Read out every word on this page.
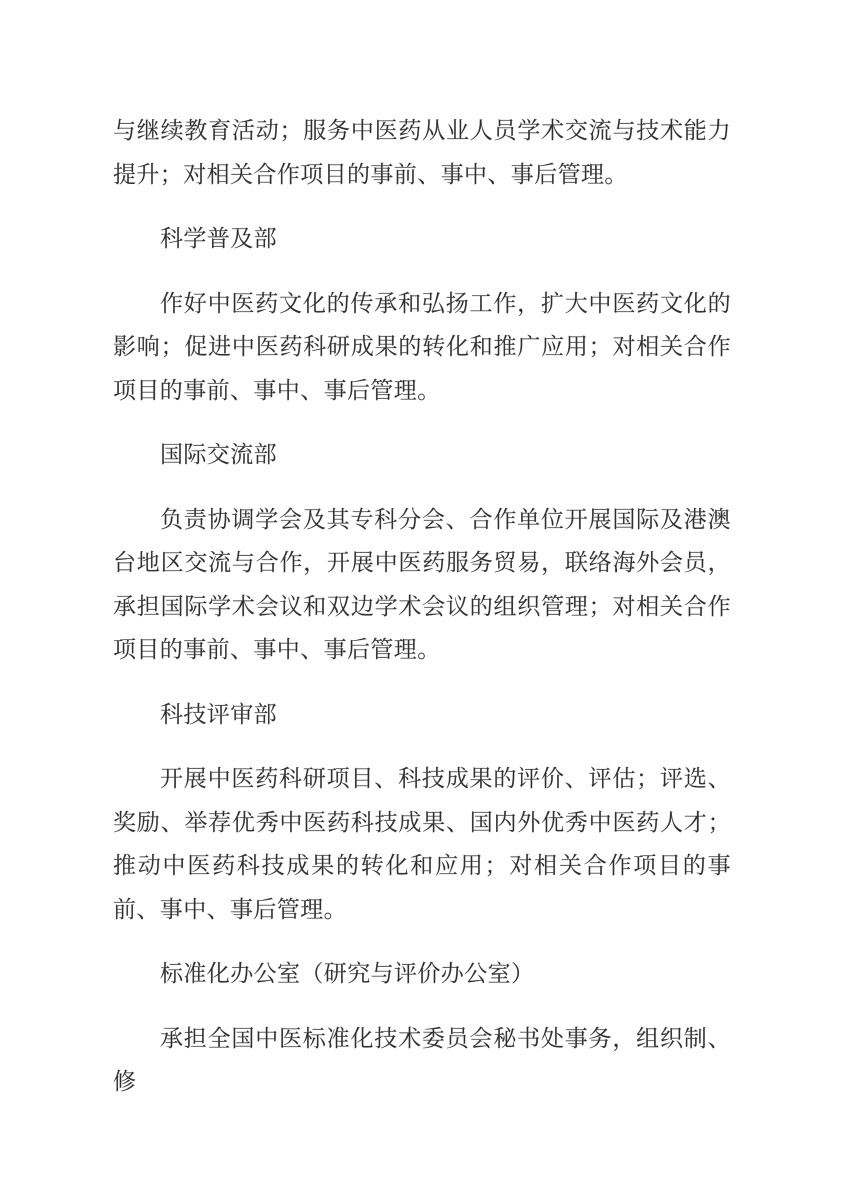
与继续教育活动；服务中医药从业人员学术交流与技术能力提升；对相关合作项目的事前、事中、事后管理。

科学普及部

作好中医药文化的传承和弘扬工作，扩大中医药文化的影响；促进中医药科研成果的转化和推广应用；对相关合作项目的事前、事中、事后管理。

国际交流部

负责协调学会及其专科分会、合作单位开展国际及港澳台地区交流与合作，开展中医药服务贸易，联络海外会员，承担国际学术会议和双边学术会议的组织管理；对相关合作项目的事前、事中、事后管理。

科技评审部

开展中医药科研项目、科技成果的评价、评估；评选、奖励、举荐优秀中医药科技成果、国内外优秀中医药人才；推动中医药科技成果的转化和应用；对相关合作项目的事前、事中、事后管理。

标准化办公室（研究与评价办公室）

承担全国中医标准化技术委员会秘书处事务，组织制、修
